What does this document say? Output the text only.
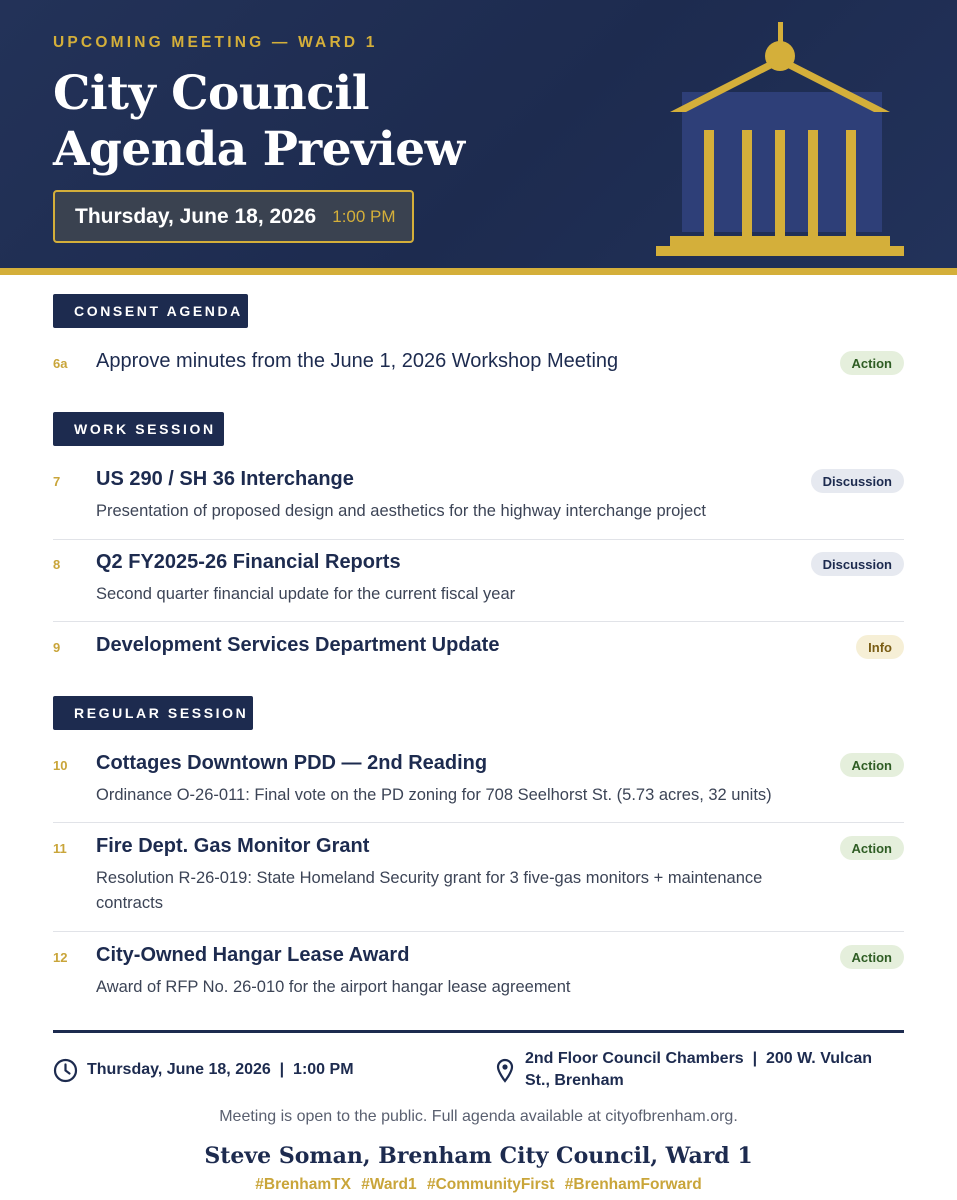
UPCOMING MEETING — WARD 1
City Council
Agenda Preview
Thursday, June 18, 2026 1:00 PM
CONSENT AGENDA
6a Approve minutes from the June 1, 2026 Workshop Meeting	Action
WORK SESSION
7 US 290 / SH 36 Interchange
Presentation of proposed design and aesthetics for the highway interchange project
Discussion
8 Q2 FY2025-26 Financial Reports
Second quarter financial update for the current fiscal year
Discussion
9 Development Services Department Update	Info
REGULAR SESSION
10 Cottages Downtown PDD — 2nd Reading
Ordinance O-26-011: Final vote on the PD zoning for 708 Seelhorst St. (5.73 acres, 32 units)
Action
11 Fire Dept. Gas Monitor Grant
Resolution R-26-019: State Homeland Security grant for 3 five-gas monitors + maintenance contracts
Action
12 City-Owned Hangar Lease Award
Award of RFP No. 26-010 for the airport hangar lease agreement
Action
Thursday, June 18, 2026  |  1:00 PM
2nd Floor Council Chambers  |  200 W. Vulcan St., Brenham
Meeting is open to the public. Full agenda available at cityofbrenham.org.
Steve Soman, Brenham City Council, Ward 1
#BrenhamTX #Ward1 #CommunityFirst #BrenhamForward
